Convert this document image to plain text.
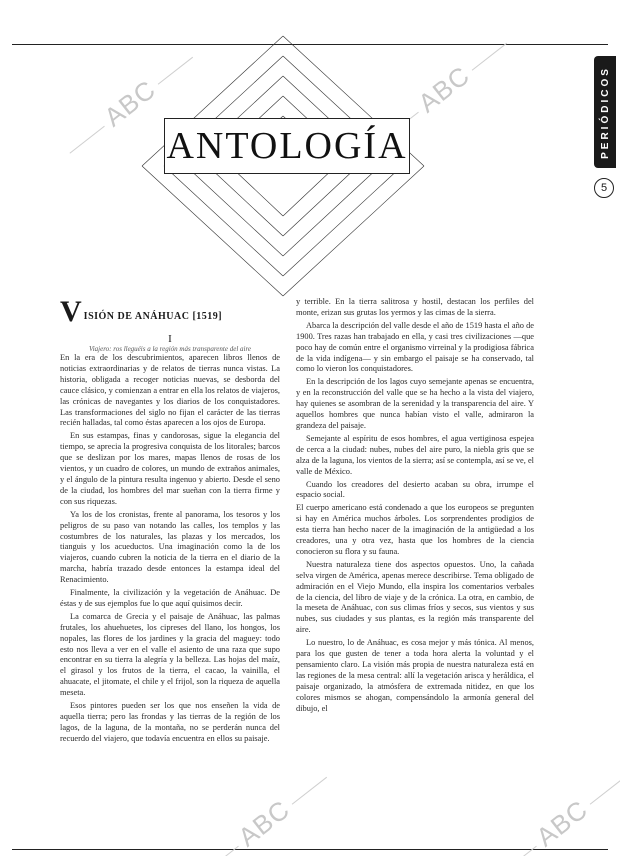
ABC	ABC
ABC	ABC
PERIÓDICOS
5
ANTOLOGÍA
V ISIÓN DE ANÁHUAC [1519]
I
Viajero: ros lleguéis a la región más transparente del aire

En la era de los descubrimientos, aparecen libros llenos de noticias extraordinarias y de relatos de tierras nunca vistas. La historia, obligada a recoger noticias nuevas, se desborda del cauce clásico, y comienzan a entrar en ella los relatos de viajeros, las crónicas de navegantes y los diarios de los conquistadores. Las transformaciones del siglo no fijan el carácter de las tierras recién halladas, tal como éstas aparecen a los ojos de Europa.

En sus estampas, finas y candorosas, sigue la elegancia del tiempo, se aprecia la progresiva conquista de los litorales; barcos que se deslizan por los mares, mapas llenos de rosas de los vientos, y un cuadro de colores, un mundo de extraños animales, y el ángulo de la pintura resulta ingenuo y abierto. Desde el seno de la ciudad, los hombres del mar sueñan con la tierra firme y con sus riquezas.

Ya los de los cronistas, frente al panorama, los tesoros y los peligros de su paso van notando las calles, los templos y las costumbres de los naturales, las plazas y los mercados, los tianguis y los acueductos. Una imaginación como la de los viajeros, cuando cubren la noticia de la tierra en el diario de la marcha, habría trazado desde entonces la estampa ideal del Renacimiento.

Finalmente, la civilización y la vegetación de Anáhuac. De éstas y de sus ejemplos fue lo que aquí quisimos decir.

La comarca de Grecia y el paisaje de Anáhuac, las palmas frutales, los ahuehuetes, los cipreses del llano, los hongos, los nopales, las flores de los jardines y la gracia del maguey: todo esto nos lleva a ver en el valle el asiento de una raza que supo encontrar en su tierra la alegría y la belleza. Las hojas del maíz, el girasol y los frutos de la tierra, el cacao, la vainilla, el ahuacate, el jitomate, el chile y el frijol, son la riqueza de aquella meseta.

Esos pintores pueden ser los que nos enseñen la vida de aquella tierra; pero las frondas y las tierras de la región de los lagos, de la laguna, de la montaña, no se perderán nunca del recuerdo del viajero, que todavía encuentra en ellos su paisaje.

y terrible. En la tierra salitrosa y hostil, destacan los perfiles del monte, erizan sus grutas los yermos y las cimas de la sierra.

Abarca la descripción del valle desde el año de 1519 hasta el año de 1900. Tres razas han trabajado en ella, y casi tres civilizaciones —que poco hay de común entre el organismo virreinal y la prodigiosa fábrica de la vida indígena— y sin embargo el paisaje se ha conservado, tal como lo vieron los conquistadores.

En la descripción de los lagos cuyo semejante apenas se encuentra, y en la reconstrucción del valle que se ha hecho a la vista del viajero, hay quienes se asombran de la serenidad y la transparencia del aire. Y aquellos hombres que nunca habían visto el valle, admiraron la grandeza del paisaje.

Semejante al espíritu de esos hombres, el agua vertiginosa espejea de cerca a la ciudad: nubes, nubes del aire puro, la niebla gris que se alza de la laguna, los vientos de la sierra; así se contempla, así se ve, el valle de México.

Cuando los creadores del desierto acaban su obra, irrumpe el espacio social.

El cuerpo americano está condenado a que los europeos se pregunten si hay en América muchos árboles. Los sorprendentes prodigios de esta tierra han hecho nacer de la imaginación de la antigüedad a los creadores, una y otra vez, hasta que los hombres de la ciencia conocieron su flora y su fauna.

Nuestra naturaleza tiene dos aspectos opuestos. Uno, la cañada selva virgen de América, apenas merece describirse. Tema obligado de admiración en el Viejo Mundo, ella inspira los comentarios verbales de la ciencia, del libro de viaje y de la crónica. La otra, en cambio, de la meseta de Anáhuac, con sus climas fríos y secos, sus vientos y sus nubes, sus ciudades y sus plantas, es la región más transparente del aire.

Lo nuestro, lo de Anáhuac, es cosa mejor y más tónica. Al menos, para los que gusten de tener a toda hora alerta la voluntad y el pensamiento claro. La visión más propia de nuestra naturaleza está en las regiones de la mesa central: allí la vegetación arisca y heráldica, el paisaje organizado, la atmósfera de extremada nitidez, en que los colores mismos se ahogan, compensándolo la armonía general del dibujo, el
